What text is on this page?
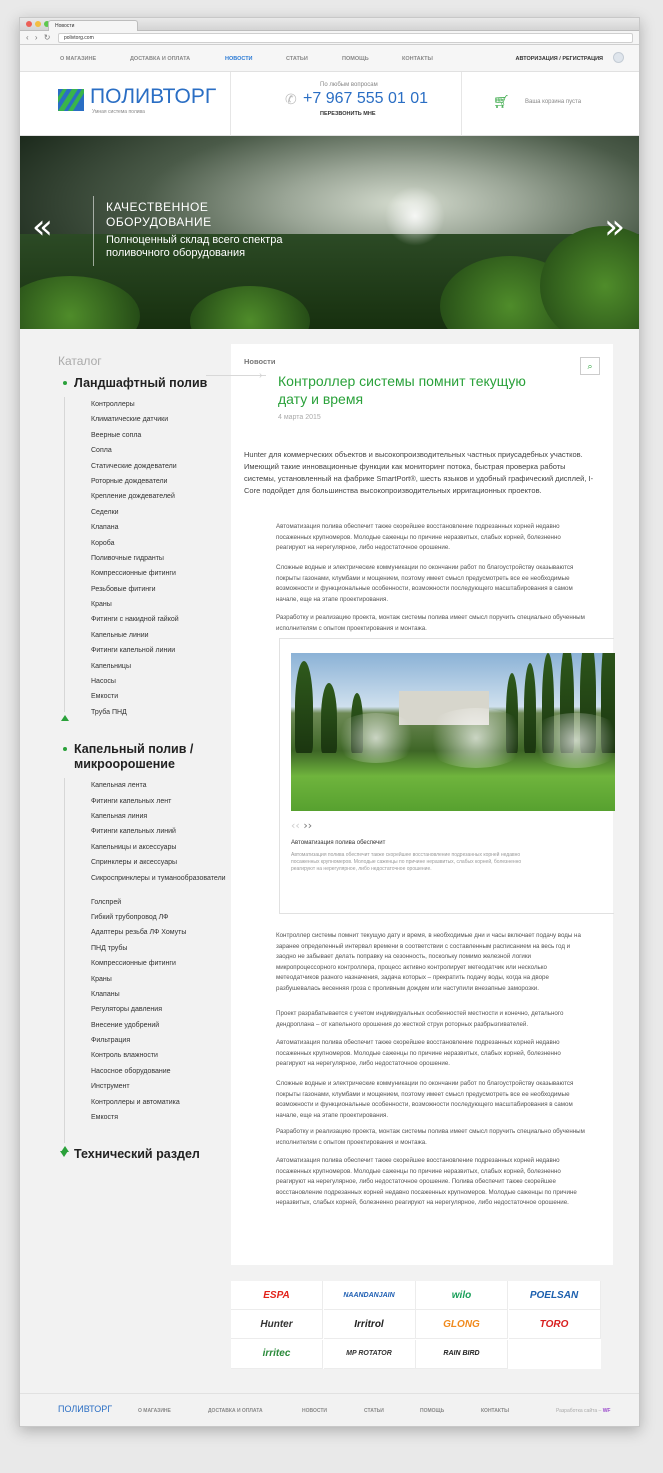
Новости
‹ › ↻	polivtorg.com
О МАГАЗИНЕ	ДОСТАВКА И ОПЛАТА	НОВОСТИ	СТАТЬИ	ПОМОЩЬ	КОНТАКТЫ	АВТОРИЗАЦИЯ / РЕГИСТРАЦИЯ
ПОЛИВТОРГ
Умная система полива
По любым вопросам
✆ +7 967 555 01 01
ПЕРЕЗВОНИТЬ МНЕ
🛒︎	Ваша корзина пуста
«	»
КАЧЕСТВЕННОЕ ОБОРУДОВАНИЕ
Полноценный склад всего спектра поливочного оборудования
Каталог
Ландшафтный полив
Контроллеры
Климатические датчики
Веерные сопла
Сопла
Статические дождеватели
Роторные дождеватели
Крепление дождевателей
Седелки
Клапана
Короба
Поливочные гидранты
Компрессионные фитинги
Резьбовые фитинги
Краны
Фитинги с накидной гайкой
Капельные линии
Фитинги капельной линии
Капельницы
Насосы
Емкости
Труба ПНД
Капельный полив / микроорошение
Капельная лента
Фитинги капельных лент
Капельная линия
Фитинги капельных линий
Капельницы и аксессуары
Спринклеры и аксессуары
Сикроспринклеры и туманообразователи
Голспрей
Гибкий трубопровод ЛФ
Адаптеры резьба ЛФ Хомуты
ПНД трубы
Компрессионные фитинги
Краны
Клапаны
Регуляторы давления
Внесение удобрений
Фильтрация
Контроль влажности
Насосное оборудование
Инструмент
Контроллеры и автоматика
Емкостя
Технический раздел
Новости	⌕
› Контроллер системы помнит текущую дату и время
4 марта 2015
Hunter для коммерческих объектов и высокопроизводительных частных приусадебных участков. Имеющий такие инновационные функции как мониторинг потока, быстрая проверка работы системы, установленный на фабрике SmartPort®, шесть языков и удобный графический дисплей, I-Core подойдет для большинства высокопроизводительных ирригационных проектов.
Автоматизация полива обеспечит также скорейшее восстановление подрезанных корней недавно посаженных крупномеров. Молодые саженцы по причине неразвитых, слабых корней, болезненно реагируют на нерегулярное, либо недостаточное орошение.
Сложные водные и электрические коммуникации по окончании работ по благоустройству оказываются покрыты газонами, клумбами и мощением, поэтому имеет смысл предусмотреть все ее необходимые возможности и функциональные особенности, возможности последующего масштабирования в самом начале, еще на этапе проектирования.
Разработку и реализацию проекта, монтаж системы полива имеет смысл поручить специально обученным исполнителям с опытом проектирования и монтажа.
‹‹ ››
Автоматизация полива обеспечит
Автоматизация полива обеспечит также скорейшее восстановление подрезанных корней недавно посаженных крупномеров. Молодые саженцы по причине неразвитых, слабых корней, болезненно реагируют на нерегулярное, либо недостаточное орошение.
Контроллер системы помнит текущую дату и время, в необходимые дни и часы включает подачу воды на заранее определенный интервал времени в соответствии с составленным расписанием на весь год и заодно не забывает делать поправку на сезонность, поскольку помимо железной логики микропроцессорного контроллера, процесс активно контролирует метеодатчик или несколько метеодатчиков разного назначения, задача которых – прекратить подачу воды, когда на дворе разбушевалась весенняя гроза с проливным дождем или наступили внезапные заморозки.
Проект разрабатывается с учетом индивидуальных особенностей местности и конечно, детального дендроплана – от капельного орошения до жесткой струи роторных разбрызгивателей.
Автоматизация полива обеспечит также скорейшее восстановление подрезанных корней недавно посаженных крупномеров. Молодые саженцы по причине неразвитых, слабых корней, болезненно реагируют на нерегулярное, либо недостаточное орошение.
Сложные водные и электрические коммуникации по окончании работ по благоустройству оказываются покрыты газонами, клумбами и мощением, поэтому имеет смысл предусмотреть все ее необходимые возможности и функциональные особенности, возможности последующего масштабирования в самом начале, еще на этапе проектирования.
Разработку и реализацию проекта, монтаж системы полива имеет смысл поручить специально обученным исполнителям с опытом проектирования и монтажа.
Автоматизация полива обеспечит также скорейшее восстановление подрезанных корней недавно посаженных крупномеров. Молодые саженцы по причине неразвитых, слабых корней, болезненно реагируют на нерегулярное, либо недостаточное орошение. Полива обеспечит также скорейшее восстановление подрезанных корней недавно посаженных крупномеров. Молодые саженцы по причине неразвитых, слабых корней, болезненно реагируют на нерегулярное, либо недостаточное орошение.
ESPA	NAANDANJAIN	wilo	POELSAN
Hunter	Irritrol	GLONG	TORO
irritec	MP ROTATOR	RAIN BIRD
ПОЛИВТОРГ	О МАГАЗИНЕ	ДОСТАВКА И ОПЛАТА	НОВОСТИ	СТАТЬИ	ПОМОЩЬ	КОНТАКТЫ	Разработка сайта – WF
